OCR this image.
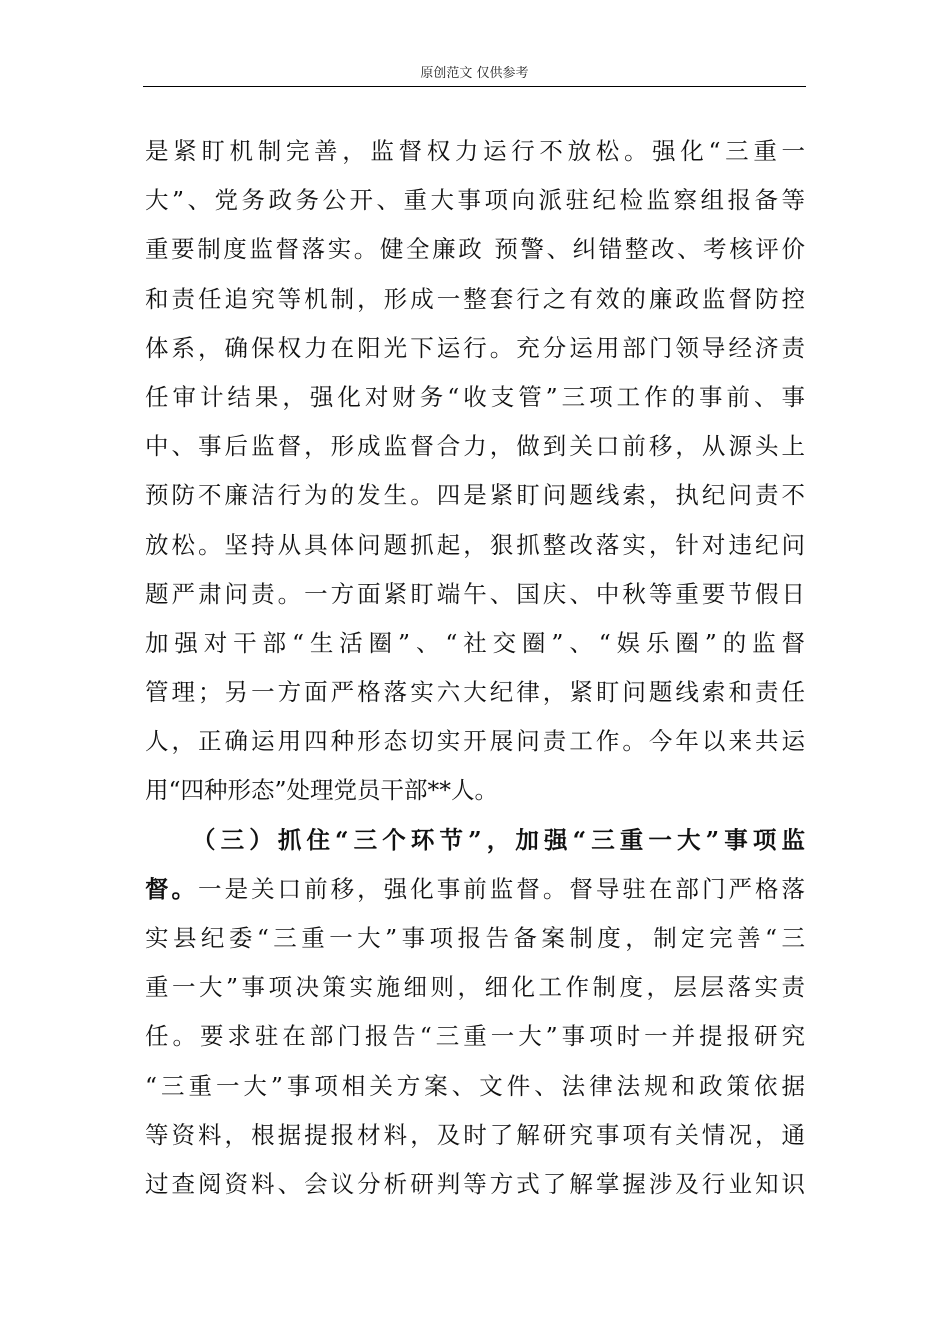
原创范文 仅供参考
是紧盯机制完善，监督权力运行不放松。强化“三重一
大”、党务政务公开、重大事项向派驻纪检监察组报备等
重要制度监督落实。健全廉政 预警、纠错整改、考核评价
和责任追究等机制，形成一整套行之有效的廉政监督防控
体系，确保权力在阳光下运行。充分运用部门领导经济责
任审计结果，强化对财务“收支管”三项工作的事前、事
中、事后监督，形成监督合力，做到关口前移，从源头上
预防不廉洁行为的发生。四是紧盯问题线索，执纪问责不
放松。坚持从具体问题抓起，狠抓整改落实，针对违纪问
题严肃问责。一方面紧盯端午、国庆、中秋等重要节假日
加强对干部“生活圈”、“社交圈”、“娱乐圈”的监督
管理；另一方面严格落实六大纪律，紧盯问题线索和责任
人，正确运用四种形态切实开展问责工作。今年以来共运
用“四种形态”处理党员干部**人。
（三）抓住“三个环节”，加强“三重一大”事项监
督。一是关口前移，强化事前监督。督导驻在部门严格落
实县纪委“三重一大”事项报告备案制度，制定完善“三
重一大”事项决策实施细则，细化工作制度，层层落实责
任。要求驻在部门报告“三重一大”事项时一并提报研究
“三重一大”事项相关方案、文件、法律法规和政策依据
等资料，根据提报材料，及时了解研究事项有关情况，通
过查阅资料、会议分析研判等方式了解掌握涉及行业知识
